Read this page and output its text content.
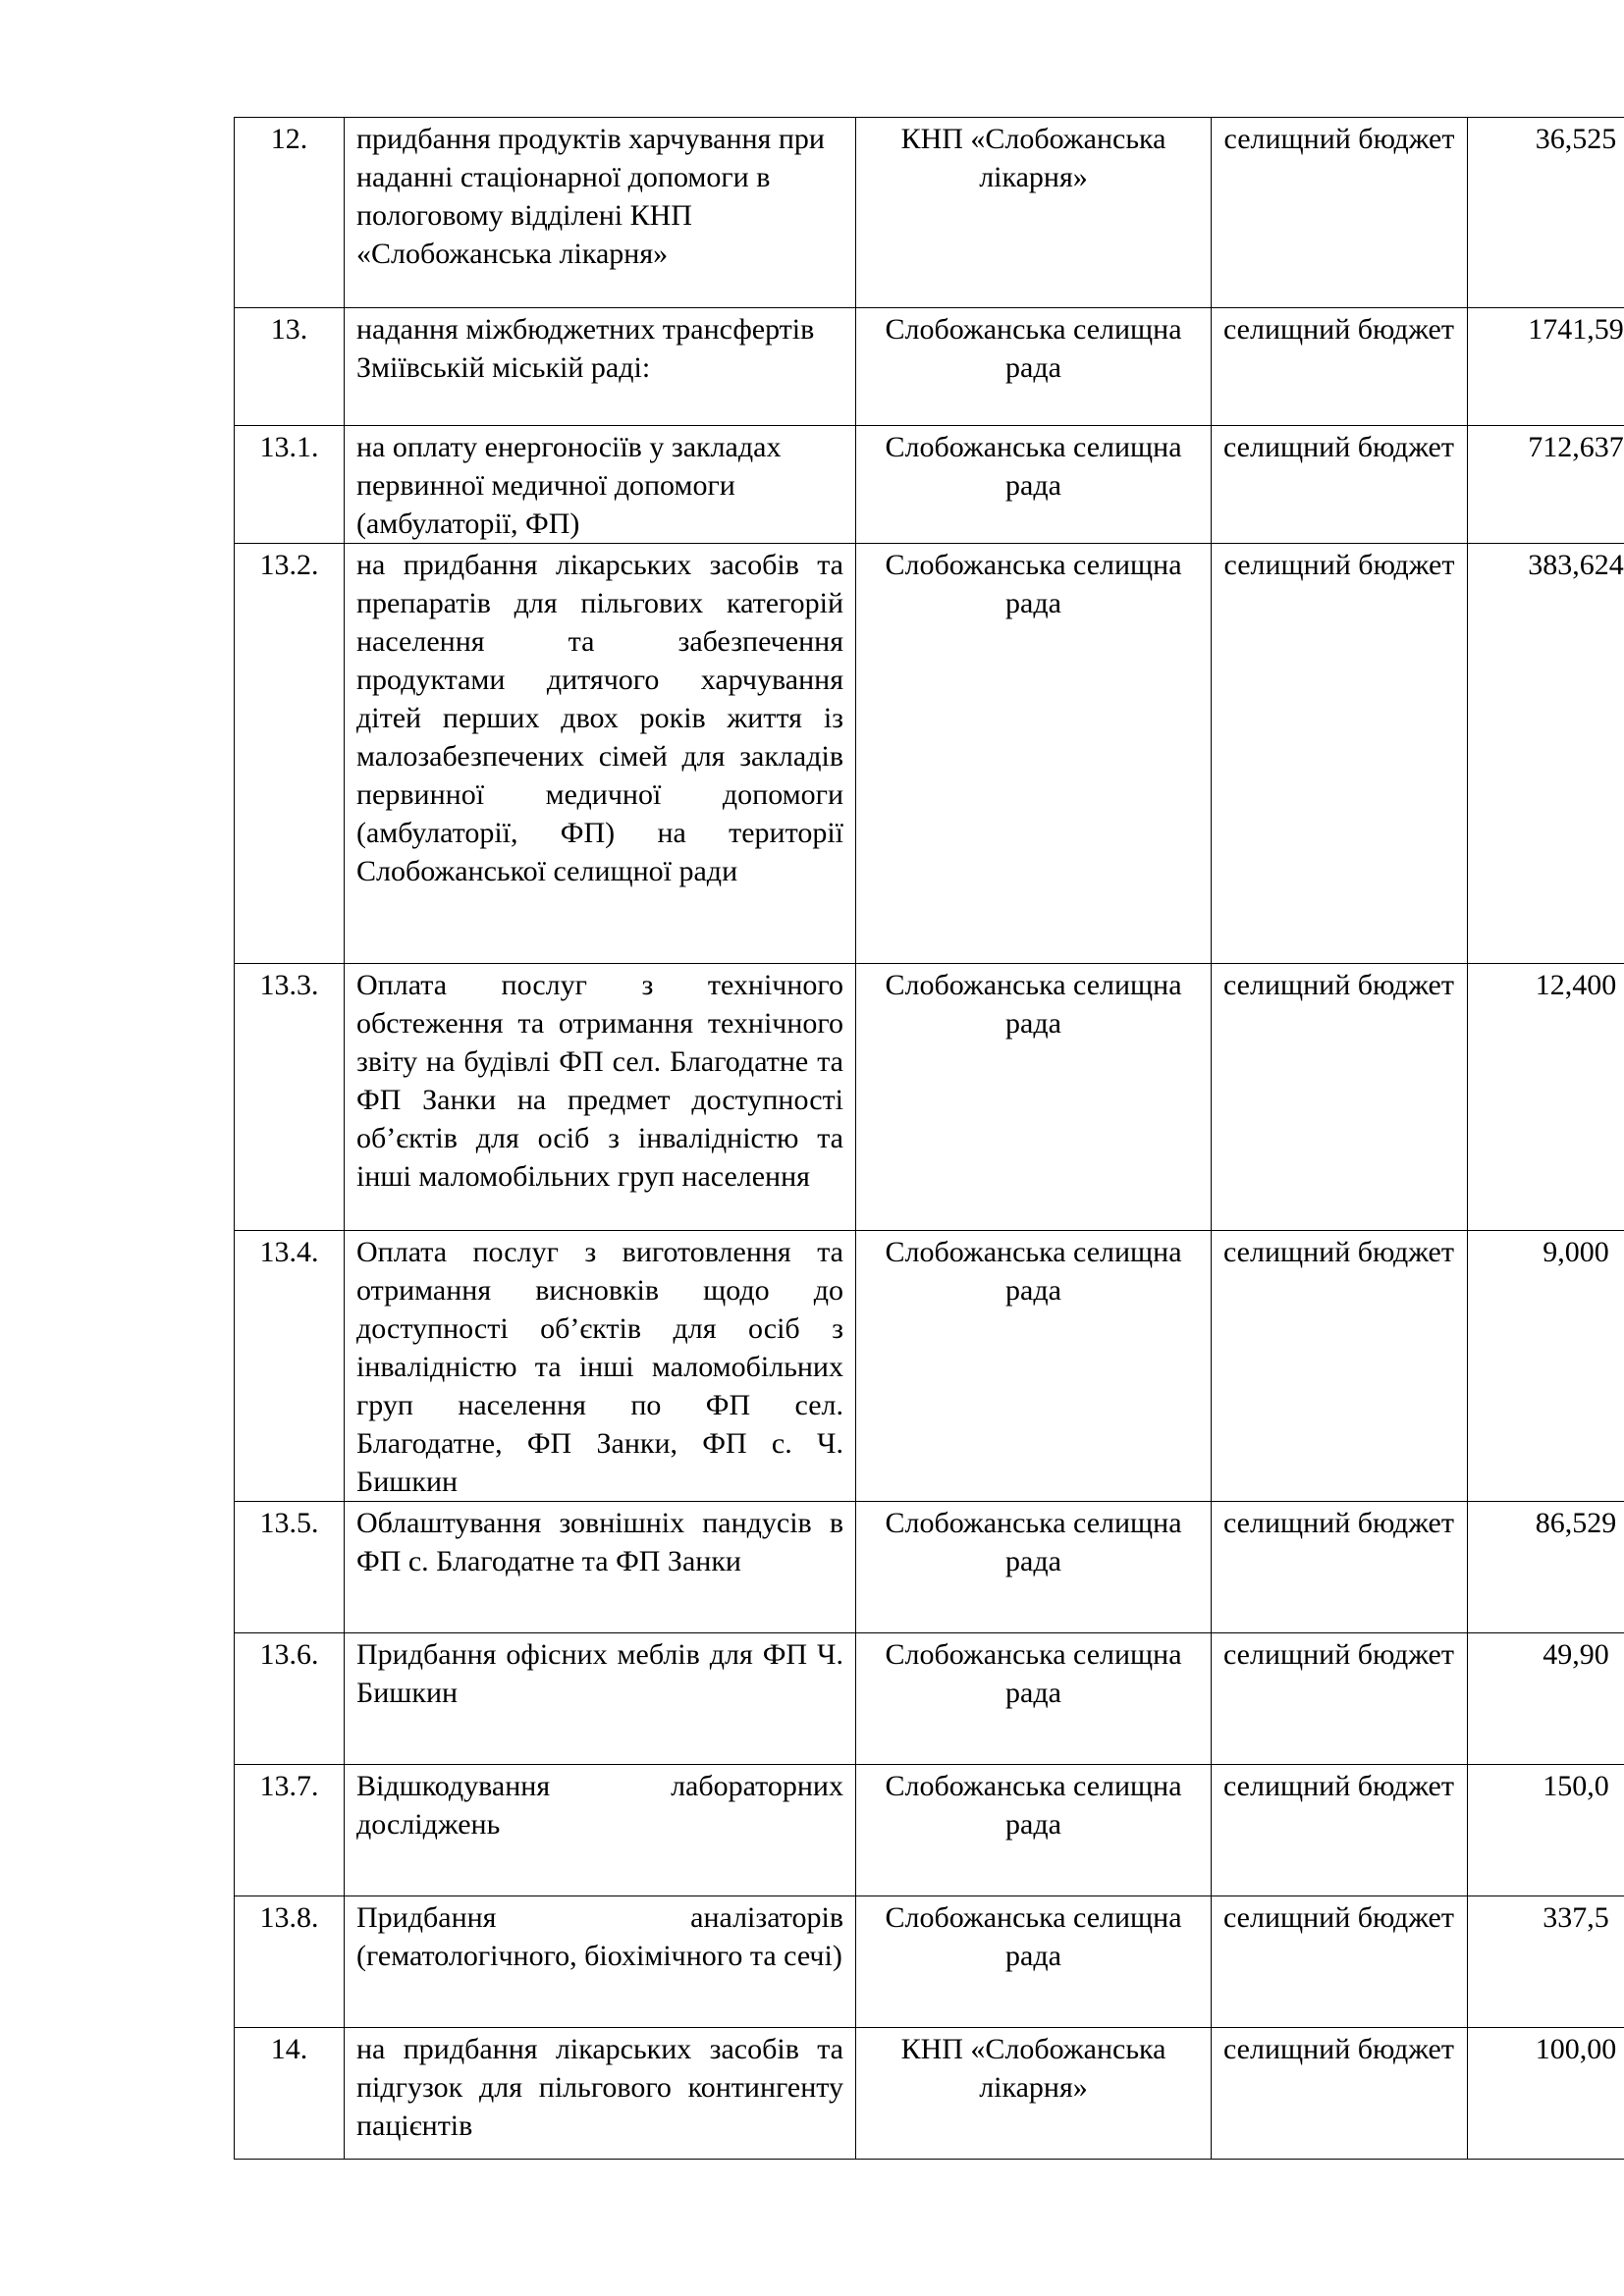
12.	придбання продуктів харчування при наданні стаціонарної допомоги в пологовому відділені КНП «Слобожанська лікарня»	КНП «Слобожанська лікарня»	селищний бюджет	36,525
13.	надання міжбюджетних трансфертів Зміївській міській раді:	Слобожанська селищна рада	селищний бюджет	1741,59
13.1.	на оплату енергоносіїв у закладах первинної медичної допомоги (амбулаторії, ФП)	Слобожанська селищна рада	селищний бюджет	712,637
13.2.	на придбання лікарських засобів та препаратів для пільгових категорій населення та забезпечення продуктами дитячого харчування дітей перших двох років життя із малозабезпечених сімей для закладів первинної медичної допомоги (амбулаторії, ФП) на території Слобожанської селищної ради	Слобожанська селищна рада	селищний бюджет	383,624
13.3.	Оплата послуг з технічного обстеження та отримання технічного звіту на будівлі ФП сел. Благодатне та ФП Занки на предмет доступності об’єктів для осіб з інвалідністю та інші маломобільних груп населення	Слобожанська селищна рада	селищний бюджет	12,400
13.4.	Оплата послуг з виготовлення та отримання висновків щодо до доступності об’єктів для осіб з інвалідністю та інші маломобільних груп населення по ФП сел. Благодатне, ФП Занки, ФП с. Ч. Бишкин	Слобожанська селищна рада	селищний бюджет	9,000
13.5.	Облаштування зовнішніх пандусів в ФП с. Благодатне та ФП Занки	Слобожанська селищна рада	селищний бюджет	86,529
13.6.	Придбання офісних меблів для ФП Ч. Бишкин	Слобожанська селищна рада	селищний бюджет	49,90
13.7.	Відшкодування лабораторних досліджень	Слобожанська селищна рада	селищний бюджет	150,0
13.8.	Придбання аналізаторів (гематологічного, біохімічного та сечі)	Слобожанська селищна рада	селищний бюджет	337,5
14.	на придбання лікарських засобів та підгузок для пільгового контингенту пацієнтів	КНП «Слобожанська лікарня»	селищний бюджет	100,00
